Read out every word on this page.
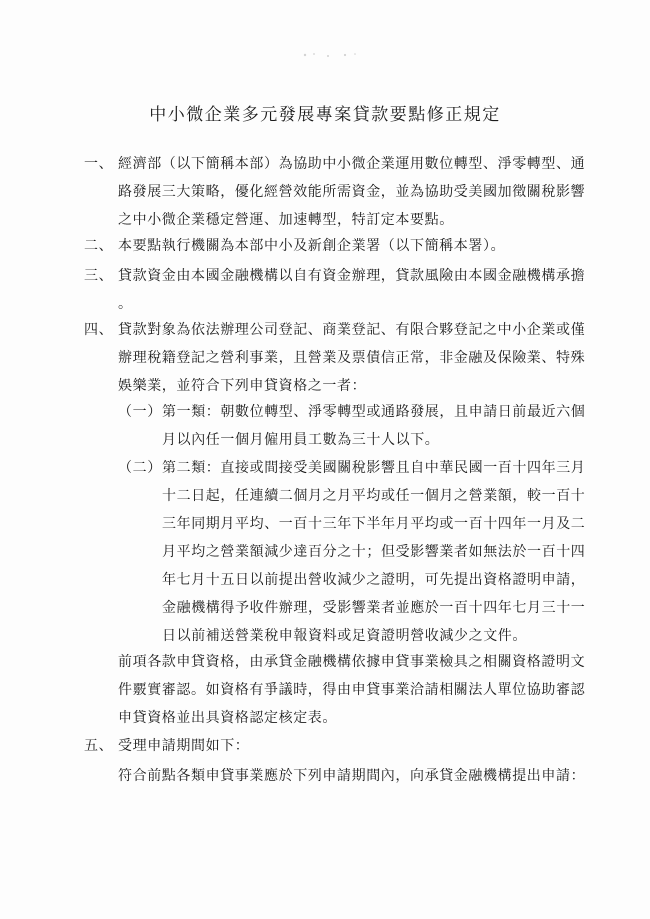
中小微企業多元發展專案貸款要點修正規定
一、 經濟部（以下簡稱本部）為協助中小微企業運用數位轉型、淨零轉型、通
路發展三大策略，優化經營效能所需資金，並為協助受美國加徵關稅影響
之中小微企業穩定營運、加速轉型，特訂定本要點。
二、 本要點執行機關為本部中小及新創企業署（以下簡稱本署）。
三、 貸款資金由本國金融機構以自有資金辦理，貸款風險由本國金融機構承擔
。
四、 貸款對象為依法辦理公司登記、商業登記、有限合夥登記之中小企業或僅
辦理稅籍登記之營利事業，且營業及票債信正常，非金融及保險業、特殊
娛樂業，並符合下列申貸資格之一者：
（一） 第一類：朝數位轉型、淨零轉型或通路發展，且申請日前最近六個
月以內任一個月僱用員工數為三十人以下。
（二） 第二類：直接或間接受美國關稅影響且自中華民國一百十四年三月
十二日起，任連續二個月之月平均或任一個月之營業額，較一百十
三年同期月平均、一百十三年下半年月平均或一百十四年一月及二
月平均之營業額減少達百分之十；但受影響業者如無法於一百十四
年七月十五日以前提出營收減少之證明，可先提出資格證明申請，
金融機構得予收件辦理，受影響業者並應於一百十四年七月三十一
日以前補送營業稅申報資料或足資證明營收減少之文件。
前項各款申貸資格，由承貸金融機構依據申貸事業檢具之相關資格證明文
件覈實審認。如資格有爭議時，得由申貸事業洽請相關法人單位協助審認
申貸資格並出具資格認定核定表。
五、 受理申請期間如下：
符合前點各類申貸事業應於下列申請期間內，向承貸金融機構提出申請：
